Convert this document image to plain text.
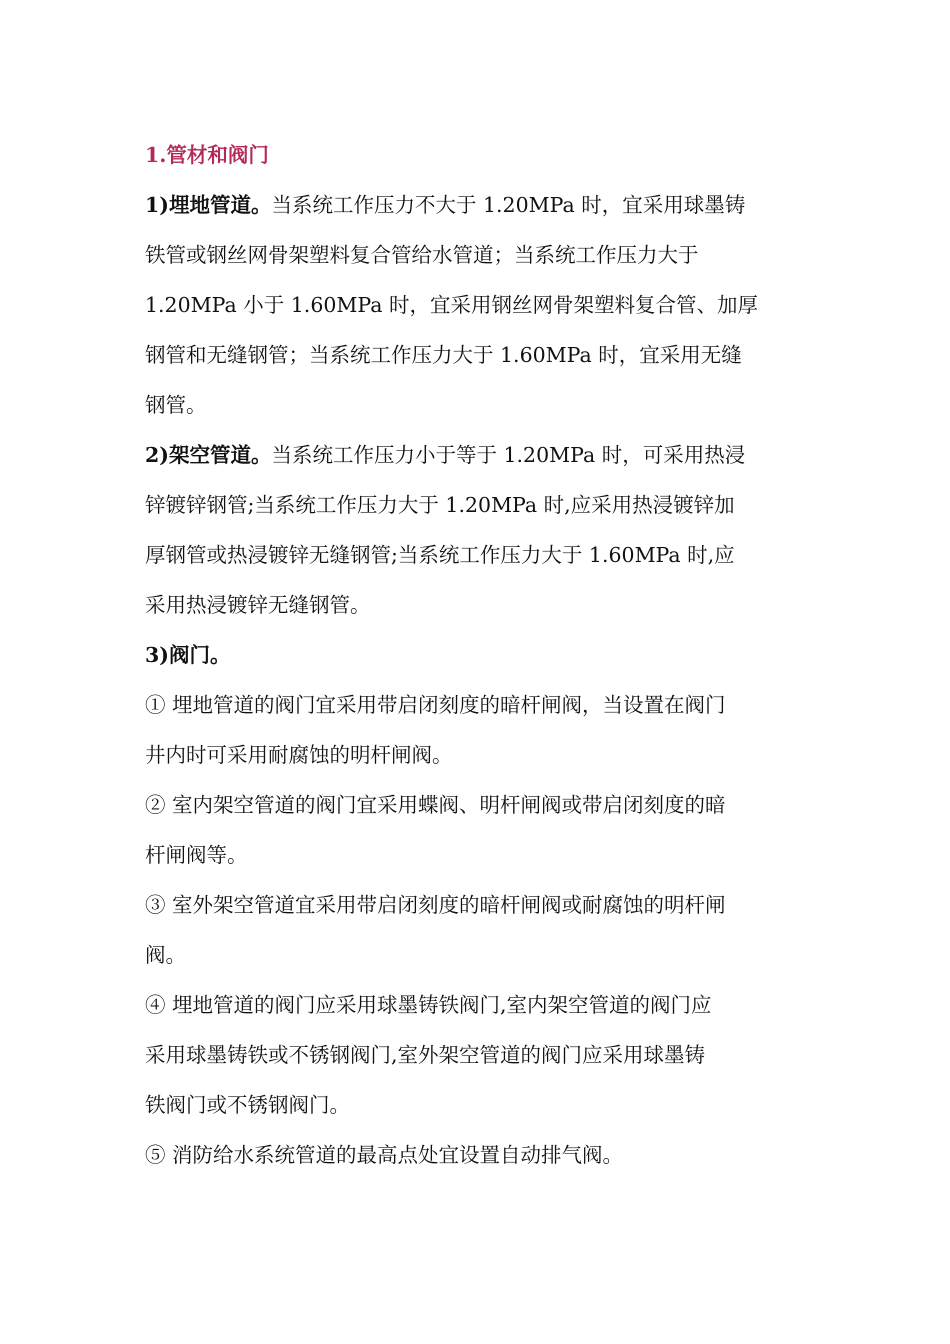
1.管材和阀门
1)埋地管道。当系统工作压力不大于 1.20MPa 时，宜采用球墨铸
铁管或钢丝网骨架塑料复合管给水管道；当系统工作压力大于
1.20MPa 小于 1.60MPa 时，宜采用钢丝网骨架塑料复合管、加厚
钢管和无缝钢管；当系统工作压力大于 1.60MPa 时，宜采用无缝
钢管。
2)架空管道。当系统工作压力小于等于 1.20MPa 时，可采用热浸
锌镀锌钢管;当系统工作压力大于 1.20MPa 时,应采用热浸镀锌加
厚钢管或热浸镀锌无缝钢管;当系统工作压力大于 1.60MPa 时,应
采用热浸镀锌无缝钢管。
3)阀门。
① 埋地管道的阀门宜采用带启闭刻度的暗杆闸阀，当设置在阀门
井内时可采用耐腐蚀的明杆闸阀。
② 室内架空管道的阀门宜采用蝶阀、明杆闸阀或带启闭刻度的暗
杆闸阀等。
③ 室外架空管道宜采用带启闭刻度的暗杆闸阀或耐腐蚀的明杆闸
阀。
④ 埋地管道的阀门应采用球墨铸铁阀门,室内架空管道的阀门应
采用球墨铸铁或不锈钢阀门,室外架空管道的阀门应采用球墨铸
铁阀门或不锈钢阀门。
⑤ 消防给水系统管道的最高点处宜设置自动排气阀。
